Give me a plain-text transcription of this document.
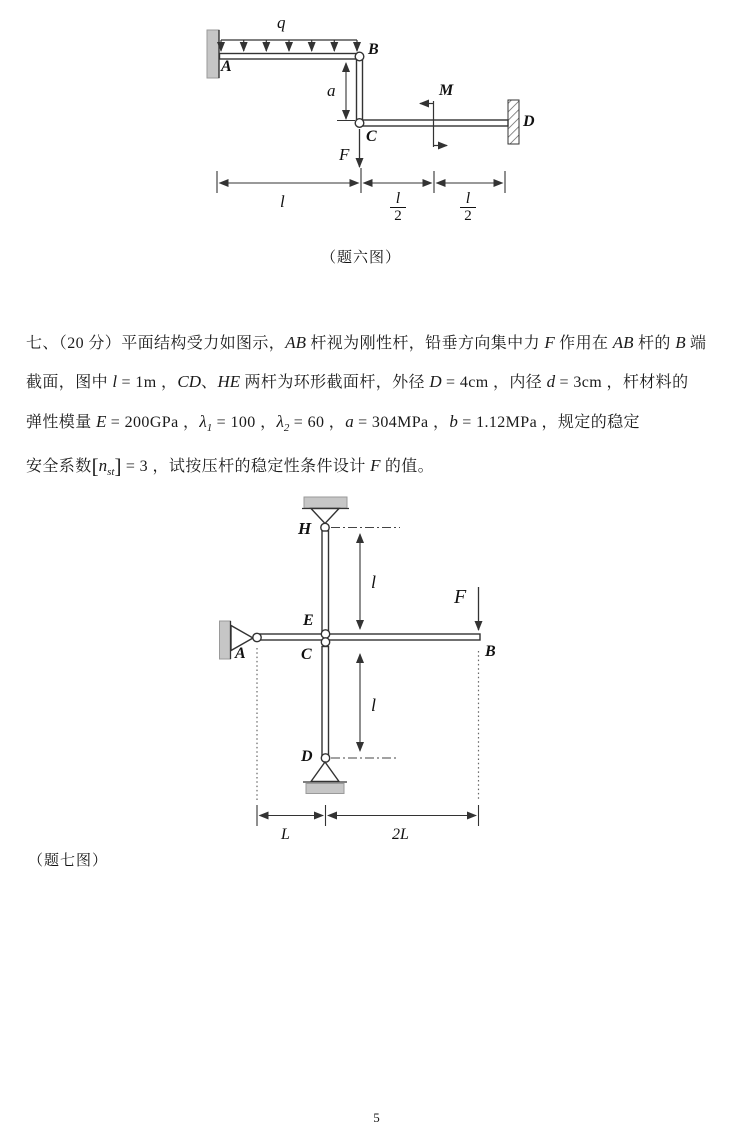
q
A
B
a	M
C
D
F
l	l
2
l
2
（题六图）
七、（20 分）平面结构受力如图示，AB 杆视为刚性杆，铅垂方向集中力 F 作用在 AB 杆的 B 端
截面，图中 l = 1m ，CD、HE 两杆为环形截面杆，外径 D = 4cm ，内径 d = 3cm ，杆材料的
弹性模量 E = 200GPa ，$\lambda_1 = 100$ ，$\lambda_2 = 60$ ，a = 304MPa ，b = 1.12MPa ，规定的稳定
安全系数$[n_{st}] = 3$ ，试按压杆的稳定性条件设计 F 的值。
H
l
E
F
A	C	B
l
D
L	2L
（题七图）
5
